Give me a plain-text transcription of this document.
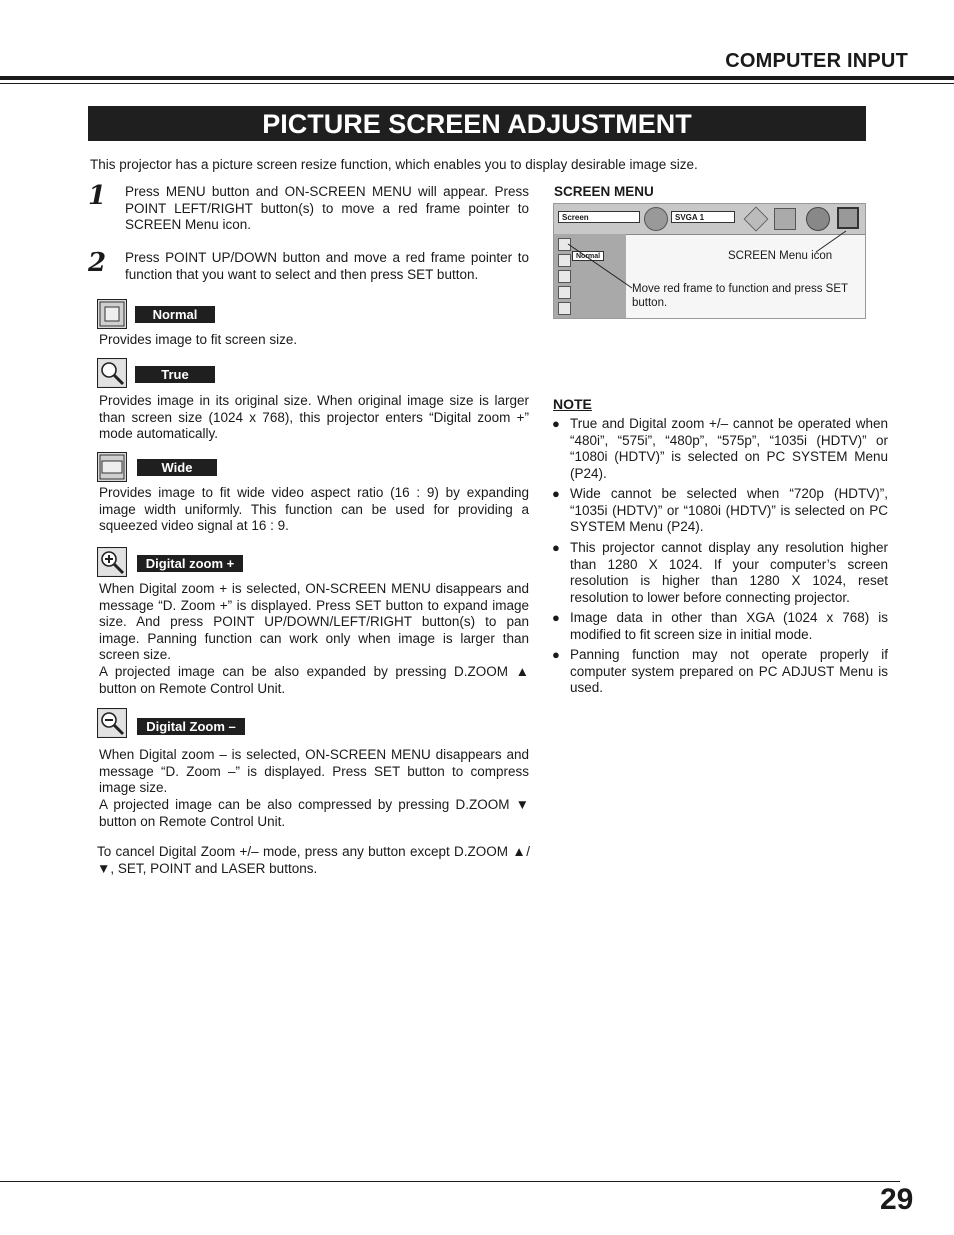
COMPUTER INPUT
PICTURE SCREEN ADJUSTMENT
This projector has a picture screen resize function, which enables you to display desirable image size.
1 Press MENU button and ON-SCREEN MENU will appear. Press POINT LEFT/RIGHT button(s) to move a red frame pointer to SCREEN Menu icon.
2 Press POINT UP/DOWN button and move a red frame pointer to function that you want to select and then press SET button.
Normal
Provides image to fit screen size.
True
Provides image in its original size. When original image size is larger than screen size (1024 x 768), this projector enters “Digital zoom +” mode automatically.
Wide
Provides image to fit wide video aspect ratio (16 : 9) by expanding image width uniformly. This function can be used for providing a squeezed video signal at 16 : 9.
Digital zoom +
When Digital zoom + is selected, ON-SCREEN MENU disappears and message “D. Zoom +” is displayed. Press SET button to expand image size. And press POINT UP/DOWN/LEFT/RIGHT button(s) to pan image. Panning function can work only when image is larger than screen size.
A projected image can be also expanded by pressing D.ZOOM ▲ button on Remote Control Unit.
Digital Zoom –
When Digital zoom – is selected, ON-SCREEN MENU disappears and message “D. Zoom –” is displayed. Press SET button to compress image size.
A projected image can be also compressed by pressing D.ZOOM ▼ button on Remote Control Unit.
To cancel Digital Zoom +/– mode, press any button except D.ZOOM ▲/▼, SET, POINT and LASER buttons.
SCREEN MENU
Screen	SVGA 1
Normal	SCREEN Menu icon
Move red frame to function and press SET button.
NOTE
● True and Digital zoom +/– cannot be operated when “480i”, “575i”, “480p”, “575p”, “1035i (HDTV)” or “1080i (HDTV)” is selected on PC SYSTEM Menu (P24).
● Wide cannot be selected when “720p (HDTV)”, “1035i (HDTV)” or “1080i (HDTV)” is selected on PC SYSTEM Menu (P24).
● This projector cannot display any resolution higher than 1280 X 1024. If your computer’s screen resolution is higher than 1280 X 1024, reset resolution to lower before connecting projector.
● Image data in other than XGA (1024 x 768) is modified to fit screen size in initial mode.
● Panning function may not operate properly if computer system prepared on PC ADJUST Menu is used.
29
